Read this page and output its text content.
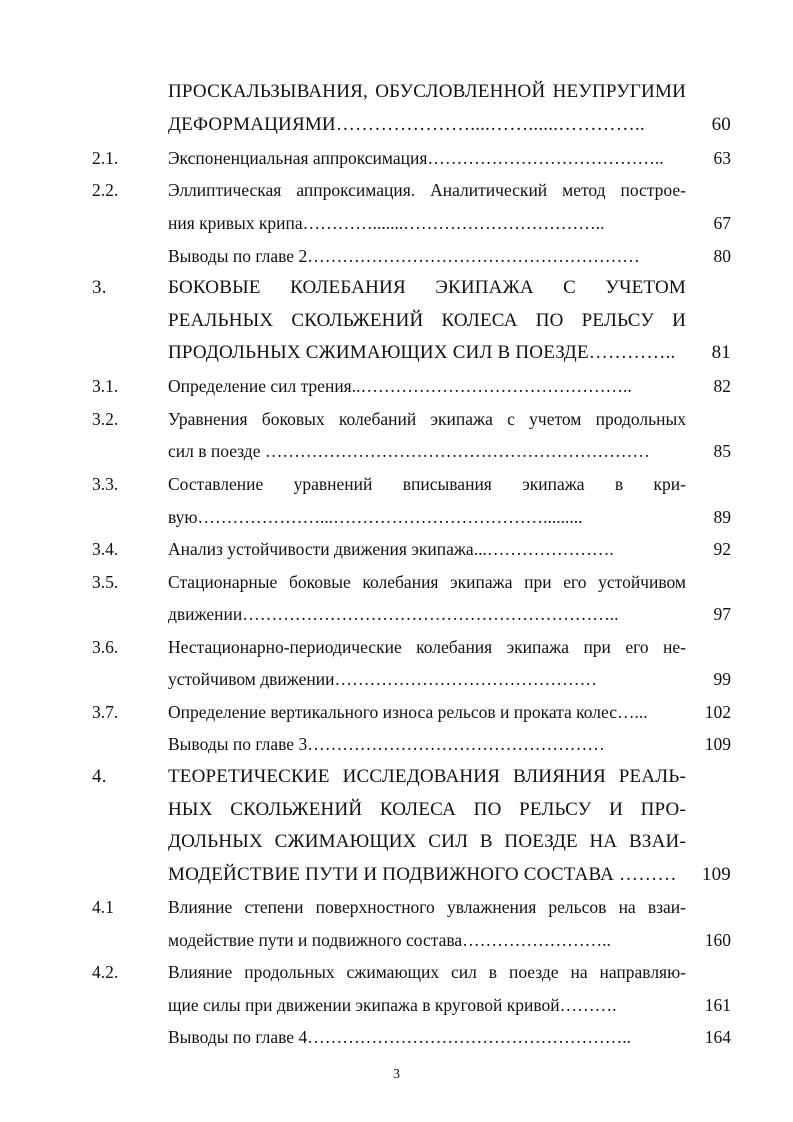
ПРОСКАЛЬЗЫВАНИЯ, ОБУСЛОВЛЕННОЙ НЕУПРУГИМИ
ДЕФОРМАЦИЯМИ…………………....……......…………..	60
2.1.	Экспоненциальная аппроксимация…………………………………..	63
2.2.	Эллиптическая аппроксимация. Аналитический метод построе-
ния кривых крипа………….......……………………………..	67
Выводы по главе 2…………………………………………………	80
3.	БОКОВЫЕ КОЛЕБАНИЯ ЭКИПАЖА С УЧЕТОМ
РЕАЛЬНЫХ СКОЛЬЖЕНИЙ КОЛЕСА ПО РЕЛЬСУ И
ПРОДОЛЬНЫХ СЖИМАЮЩИХ СИЛ В ПОЕЗДЕ………….. 81
3.1.	Определение сил трения..………………………………………..	82
3.2.	Уравнения боковых колебаний экипажа с учетом продольных
сил в поезде …………………………………………………………	85
3.3.	Составление уравнений вписывания экипажа в кри-
вую…………………...……………………………….........	89
3.4.	Анализ устойчивости движения экипажа...………………….	92
3.5.	Стационарные боковые колебания экипажа при его устойчивом
движении………………………………………………………..	97
3.6.	Нестационарно-периодические колебания экипажа при его не-
устойчивом движении………………………………………	99
3.7.	Определение вертикального износа рельсов и проката колес…...	102
Выводы по главе 3……………………………………………	109
4.	ТЕОРЕТИЧЕСКИЕ ИССЛЕДОВАНИЯ ВЛИЯНИЯ РЕАЛЬ-
НЫХ СКОЛЬЖЕНИЙ КОЛЕСА ПО РЕЛЬСУ И ПРО-
ДОЛЬНЫХ СЖИМАЮЩИХ СИЛ В ПОЕЗДЕ НА ВЗАИ-
МОДЕЙСТВИЕ ПУТИ И ПОДВИЖНОГО СОСТАВА ……… 109
4.1	Влияние степени поверхностного увлажнения рельсов на взаи-
модействие пути и подвижного состава……………………..	160
4.2.	Влияние продольных сжимающих сил в поезде на направляю-
щие силы при движении экипажа в круговой кривой……….	161
Выводы по главе 4………………………………………………..	164
3
